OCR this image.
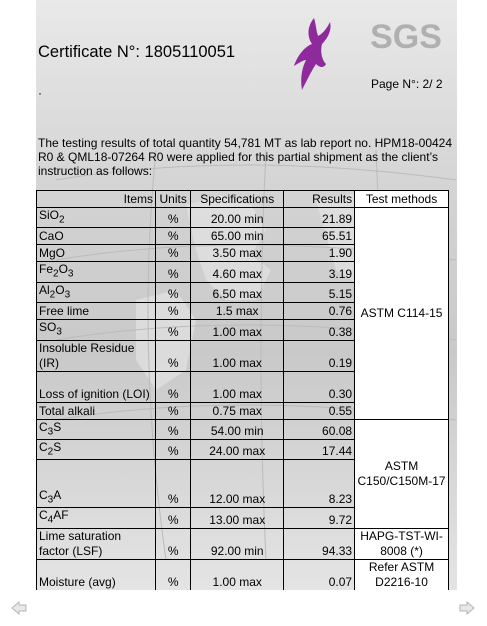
SGS
Certificate N°: 1805110051
Page N°: 2/ 2
·
The testing results of total quantity 54,781 MT as lab report no. HPM18-00424 R0 & QML18-07264 R0 were applied for this partial shipment as the client’s instruction as follows:
Items	Units	Specifications	Results	Test methods
SiO$_2$	%	20.00 min	21.89	ASTM C114-15
CaO	%	65.00 min	65.51	
MgO	%	3.50 max	1.90	
$Fe_2O_3$	%	4.60 max	3.19	
$Al_2O_3$	%	6.50 max	5.15	
Free lime	%	1.5 max	0.76	
$SO_3$	%	1.00 max	0.38	
Insoluble Residue (IR)	%	1.00 max	0.19	
Loss of ignition (LOI)	%	1.00 max	0.30	
Total alkali	%	0.75 max	0.55	
$C_3S$	%	54.00 min	60.08	ASTM C150/C150M-17
$C_2S$	%	24.00 max	17.44	
$C_3A$	%	12.00 max	8.23	
$C_4AF$	%	13.00 max	9.72	
Lime saturation factor (LSF)	%	92.00 min	94.33	HAPG-TST-WI-8008 (*)
Moisture (avg)	%	1.00 max	0.07	Refer ASTM D2216-10
